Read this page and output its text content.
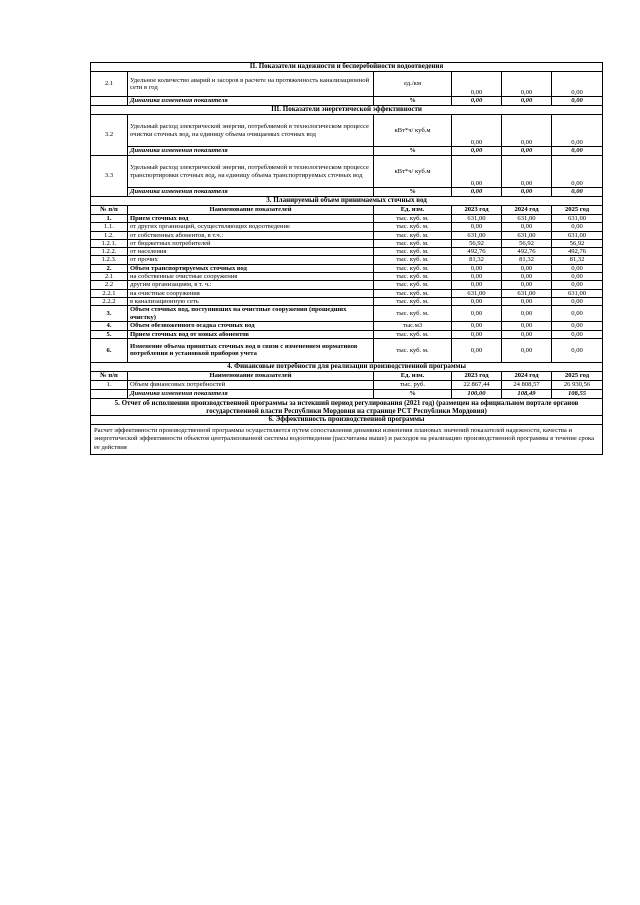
II. Показатели надежности и бесперебойности водоотведения					
2.1	Удельное количество аварий и засоров в расчете на протяженность канализационной сети в год	ед./км	0,00	0,00	0,00
	Динамика изменения показателя	%	0,00	0,00	0,00
III. Показатели энергетической эффективности					
3.2	Удельный расход электрической энергии, потребляемой в технологическом процессе очистки сточных вод, на единицу объема очищаемых сточных вод	кВт*ч/ куб.м	0,00	0,00	0,00
	Динамика изменения показателя	%	0,00	0,00	0,00
3.3	Удельный расход электрической энергии, потребляемой в технологическом процессе транспортировки сточных вод, на единицу объема транспортируемых сточных вод	кВт*ч/ куб.м	0,00	0,00	0,00
	Динамика изменения показателя	%	0,00	0,00	0,00
3. Планируемый объем принимаемых сточных вод					
№ п/п	Наименование показателей	Ед. изм.	2023 год	2024 год	2025 год
1.	Прием сточных вод	тыс. куб. м.	631,00	631,00	631,00
1.1.	от других организаций, осуществляющих водоотведение	тыс. куб. м.	0,00	0,00	0,00
1.2.	от собственных абонентов, в т.ч.:	тыс. куб. м.	631,00	631,00	631,00
1.2.1.	от бюджетных потребителей	тыс. куб. м.	56,92	56,92	56,92
1.2.2.	от населения	тыс. куб. м.	492,76	492,76	492,76
1.2.3.	от прочих	тыс. куб. м.	81,32	81,32	81,32
2.	Объем транспортируемых сточных вод	тыс. куб. м.	0,00	0,00	0,00
2.1	на собственные очистные сооружения	тыс. куб. м.	0,00	0,00	0,00
2.2	другим организациям, в т. ч.:	тыс. куб. м.	0,00	0,00	0,00
2.2.1	на очистные сооружения	тыс. куб. м.	631,00	631,00	631,00
2.2.2	в канализационную сеть	тыс. куб. м.	0,00	0,00	0,00
3.	Объем сточных вод, поступивших на очистные сооружения (прошедших очистку)	тыс. куб. м.	0,00	0,00	0,00
4.	Объем обезвоженного осадка сточных вод	тыс.м3	0,00	0,00	0,00
5.	Прием сточных вод от новых абонентов	тыс. куб. м.	0,00	0,00	0,00
6.	Изменение объема принятых сточных вод в связи с изменением нормативов потребления и установкой приборов учета	тыс. куб. м.	0,00	0,00	0,00
4. Финансовые потребности для реализации производственной программы					
№ п/п	Наименование показателей	Ед. изм.	2023 год	2024 год	2025 год
1.	Объем финансовых потребностей	тыс. руб.	22 867,44	24 808,57	26 930,56
	Динамика изменения показателя	%	100,00	108,49	108,55
5. Отчет об исполнении производственной программы за истекший период регулирования (2021 год) (размещен на официальном портале органов государственной власти Республики Мордовия на странице РСТ Республики Мордовия)					
6. Эффективность производственной программы					
Расчет эффективности производственной программы осуществляется путем сопоставления динамики изменения плановых значений показателей надежности, качества и энергетической эффективности объектов централизованной системы водоотведения (рассчитаны выше) и расходов на реализацию производственной программы в течение срока ее действия					
